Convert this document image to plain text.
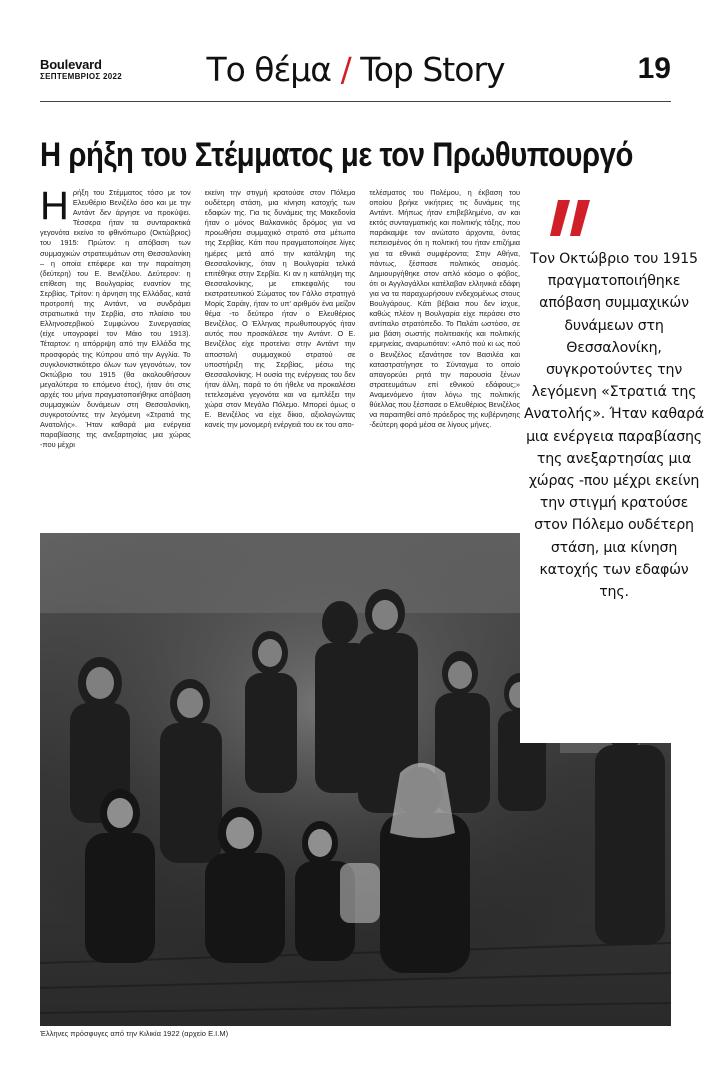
Boulevard
ΣΕΠΤΕΜΒΡΙΟΣ 2022	Το θέμα / Top Story	19
Η ρήξη του Στέμματος με τον Πρωθυπουργό
Η ρήξη του Στέμματος τόσο με τον Ελευθέριο Βενιζέλο όσο και με την Αντάντ δεν άργησε να προκύψει. Τέσσερα ήταν τα συνταρακτικά γεγονότα εκείνο το φθινόπωρο (Οκτώβριος) του 1915: Πρώτον: η απόβαση των συμμαχικών στρατευμάτων στη Θεσσαλονίκη – η οποία επέφερε και την παραίτηση (δεύτερη) του Ε. Βενιζέλου. Δεύτερον: η επίθεση της Βουλγαρίας εναντίον της Σερβίας. Τρίτον: η άρνηση της Ελλάδας, κατά προτροπή της Αντάντ, να συνδράμει στρατιωτικά την Σερβία, στο πλαίσιο του Ελληνοσερβικού Συμφώνου Συνεργασίας (είχε υπογραφεί τον Μάιο του 1913). Τέταρτον: η απόρριψη από την Ελλάδα της προσφοράς της Κύπρου από την Αγγλία. Το συγκλονιστικότερο όλων των γεγονότων, τον Οκτώβριο του 1915 (θα ακολουθήσουν μεγαλύτερα το επόμενο έτος), ήταν ότι στις αρχές του μήνα πραγματοποιήθηκε απόβαση συμμαχικών δυνάμεων στη Θεσσαλονίκη, συγκροτούντες την λεγόμενη «Στρατιά της Ανατολής». Ήταν καθαρά μια ενέργεια παραβίασης της ανεξαρτησίας μια χώρας -που μέχρι
εκείνη την στιγμή κρατούσε στον Πόλεμο ουδέτερη στάση, μια κίνηση κατοχής των εδαφών της. Για τις δυνάμεις της Μακεδονία ήταν ο μόνος Βαλκανικός δρόμος για να προωθήσει συμμαχικό στρατό στα μέτωπο της Σερβίας. Κάτι που πραγματοποίησε λίγες ημέρες μετά από την κατάληψη της Θεσσαλονίκης, όταν η Βουλγαρία τελικά επιτέθηκε στην Σερβία. Κι αν η κατάληψη της Θεσσαλονίκης, με επικεφαλής του εκστρατευτικού Σώματος τον Γάλλο στρατηγό Μορίς Σαράιγ, ήταν το υπ' αριθμόν ένα μείζον θέμα -το δεύτερο ήταν ο Ελευθέριος Βενιζέλος. Ο Έλληνας πρωθυπουργός ήταν αυτός που προσκάλεσε την Αντάντ. Ο Ε. Βενιζέλος είχε προτείνει στην Αντάντ την αποστολή συμμαχικού στρατού σε υποστήριξη της Σερβίας, μέσω της Θεσσαλονίκης. Η ουσία της ενέργειας του δεν ήταν άλλη, παρά το ότι ήθελε να προκαλέσει τετελεσμένα γεγονότα και να εμπλέξει την χώρα στον Μεγάλο Πόλεμο. Μπορεί όμως ο Ε. Βενιζέλος να είχε δίκιο, αξιολογώντας κανείς την μονομερή ενέργειά του εκ του απο-
τελέσματος του Πολέμου, η έκβαση του οποίου βρήκε νικήτριες τις δυνάμεις της Αντάντ. Μήπως ήταν επιβεβλημένο, αν και εκτός συνταγματικής και πολιτικής τάξης, που παράκαμψε τον ανώτατο άρχοντα, όντας πεπεισμένος ότι η πολιτική του ήταν επιζήμια για τα εθνικά συμφέροντα; Στην Αθήνα, πάντως, ξέσπασε πολιτικός σεισμός. Δημιουργήθηκε στον απλό κόσμο ο φόβος, ότι οι Αγγλογάλλοι κατέλαβαν ελληνικά εδάφη για να τα παραχωρήσουν ενδεχομένως στους Βουλγάρους. Κάτι βέβαια που δεν ίσχυε, καθώς πλέον η Βουλγαρία είχε περάσει στο αντίπαλο στρατόπεδο. Το Παλάτι ωστόσο, σε μια βάση σωστής πολιτειακής και πολιτικής ερμηνείας, αναρωτιόταν: «Από πού κι ως πού ο Βενιζέλος εξανάτησε τον Βασιλέα και καταστρατήγησε το Σύνταγμα το οποίο απαγορεύει ρητά την παρουσία ξένων στρατευμάτων επί εθνικού εδάφους;» Αναμενόμενο ήταν λόγω της πολιτικής θύελλας που ξέσπασε ο Ελευθέριος Βενιζέλος να παραιτηθεί από πρόεδρος της κυβέρνησης -δεύτερη φορά μέσα σε λίγους μήνες.
Τον Οκτώβριο του 1915 πραγματοποιήθηκε απόβαση συμμαχικών δυνάμεων στη Θεσσαλονίκη, συγκροτούντες την λεγόμενη «Στρατιά της Ανατολής». Ήταν καθαρά μια ενέργεια παραβίασης της ανεξαρτησίας μια χώρας -που μέχρι εκείνη την στιγμή κρατούσε στον Πόλεμο ουδέτερη στάση, μια κίνηση κατοχής των εδαφών της.
Έλληνες πρόσφυγες από την Κιλικία 1922 (αρχείο Ε.Ι.Μ)
